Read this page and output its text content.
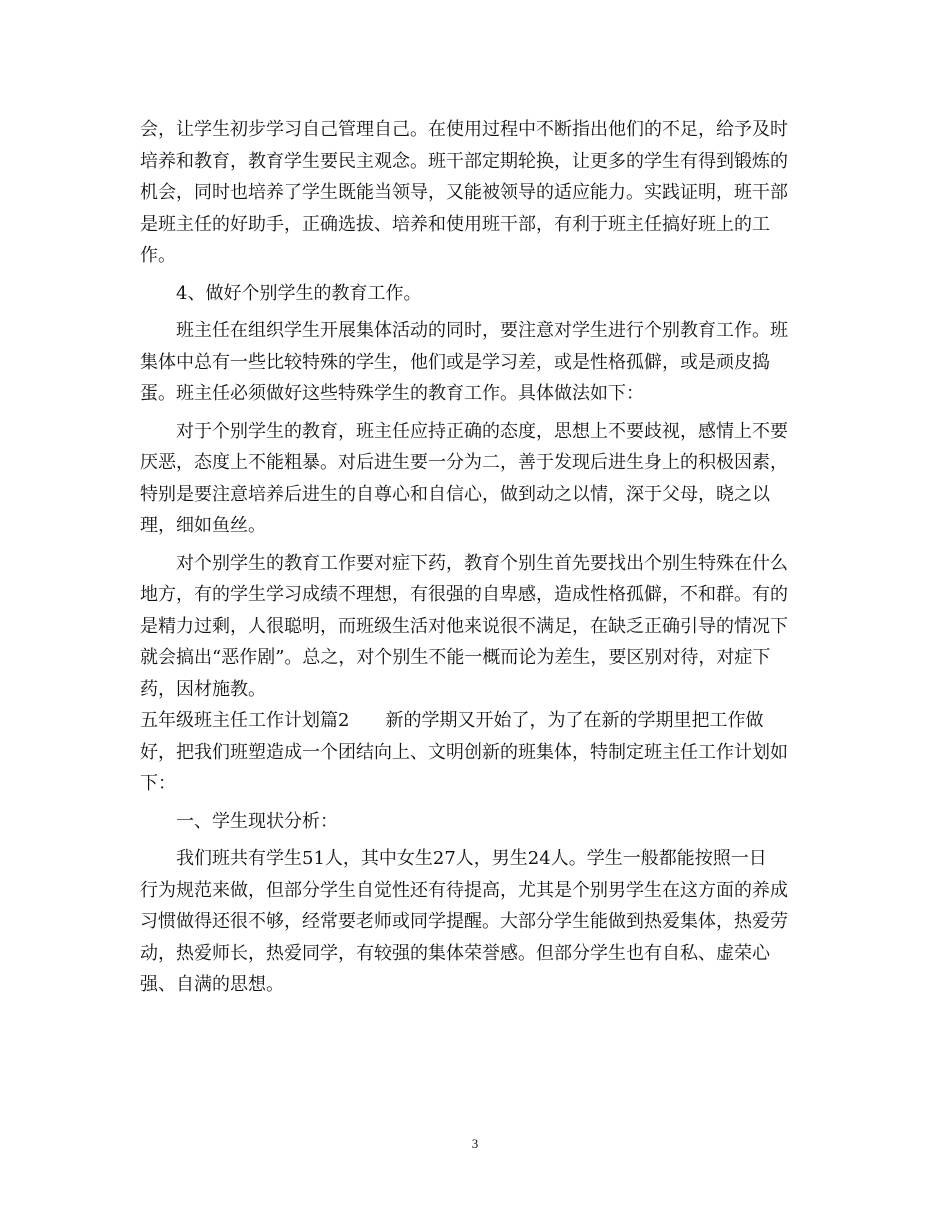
会，让学生初步学习自己管理自己。在使用过程中不断指出他们的不足，给予及时
培养和教育，教育学生要民主观念。班干部定期轮换，让更多的学生有得到锻炼的
机会，同时也培养了学生既能当领导，又能被领导的适应能力。实践证明，班干部
是班主任的好助手，正确选拔、培养和使用班干部，有利于班主任搞好班上的工
作。
4、做好个别学生的教育工作。
班主任在组织学生开展集体活动的同时，要注意对学生进行个别教育工作。班
集体中总有一些比较特殊的学生，他们或是学习差，或是性格孤僻，或是顽皮捣
蛋。班主任必须做好这些特殊学生的教育工作。具体做法如下：
对于个别学生的教育，班主任应持正确的态度，思想上不要歧视，感情上不要
厌恶，态度上不能粗暴。对后进生要一分为二，善于发现后进生身上的积极因素，
特别是要注意培养后进生的自尊心和自信心，做到动之以情，深于父母，晓之以
理，细如鱼丝。
对个别学生的教育工作要对症下药，教育个别生首先要找出个别生特殊在什么
地方，有的学生学习成绩不理想，有很强的自卑感，造成性格孤僻，不和群。有的
是精力过剩，人很聪明，而班级生活对他来说很不满足，在缺乏正确引导的情况下
就会搞出“恶作剧”。总之，对个别生不能一概而论为差生，要区别对待，对症下
药，因材施教。
五年级班主任工作计划篇2　　新的学期又开始了，为了在新的学期里把工作做
好，把我们班塑造成一个团结向上、文明创新的班集体，特制定班主任工作计划如
下：
一、学生现状分析：
我们班共有学生51人，其中女生27人，男生24人。学生一般都能按照一日
行为规范来做，但部分学生自觉性还有待提高，尤其是个别男学生在这方面的养成
习惯做得还很不够，经常要老师或同学提醒。大部分学生能做到热爱集体，热爱劳
动，热爱师长，热爱同学，有较强的集体荣誉感。但部分学生也有自私、虚荣心
强、自满的思想。
3
